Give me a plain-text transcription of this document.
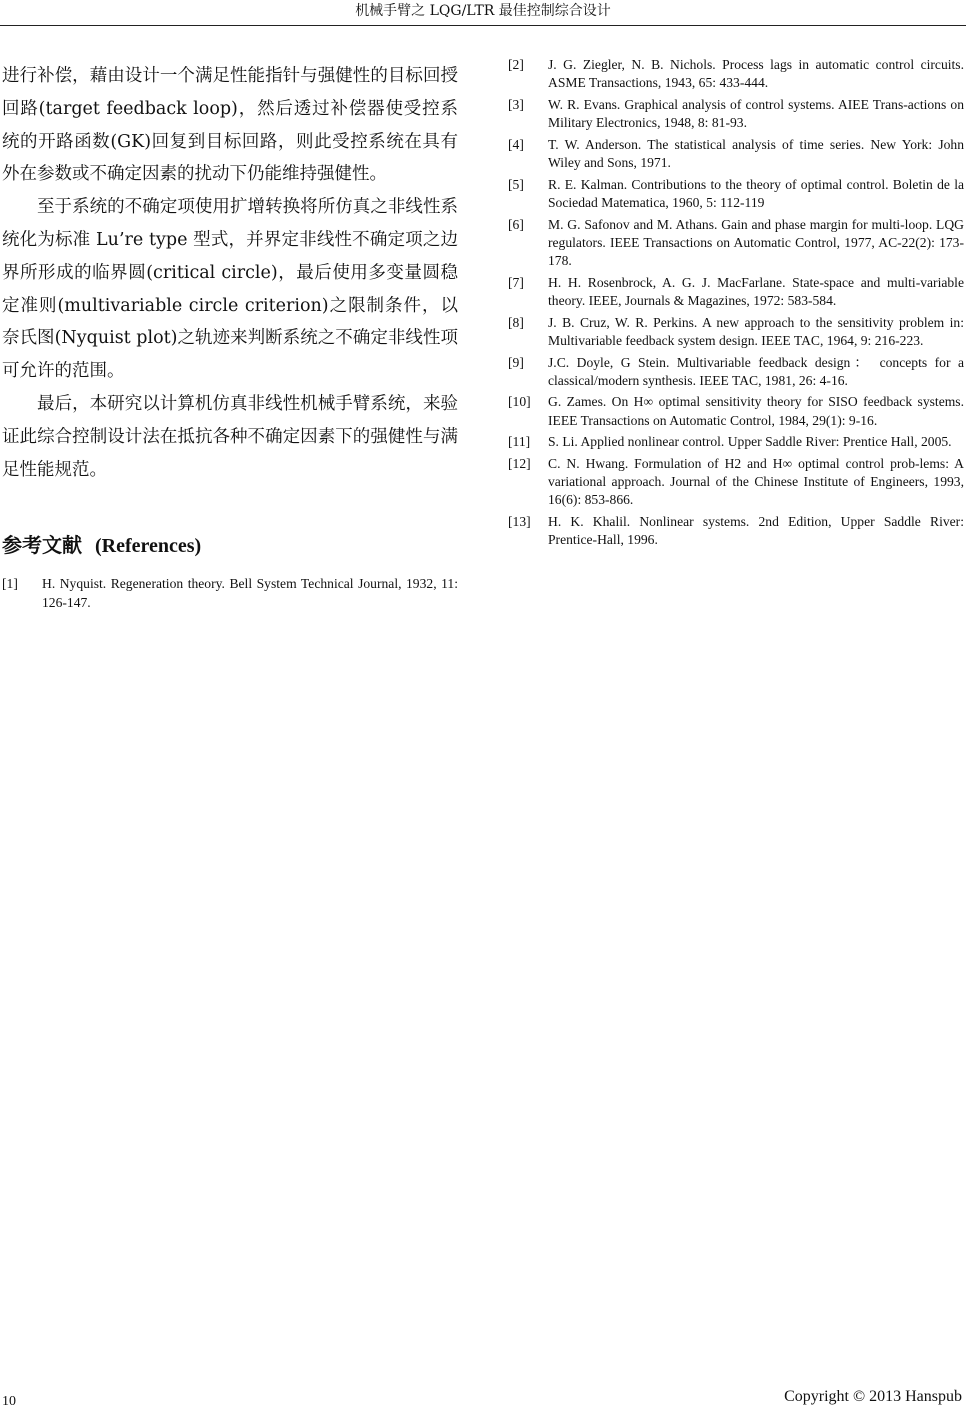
机械手臂之 LQG/LTR 最佳控制综合设计

进行补偿，藉由设计一个满足性能指针与强健性的目标回授回路(target feedback loop)，然后透过补偿器使受控系统的开路函数(GK)回复到目标回路，则此受控系统在具有外在参数或不确定因素的扰动下仍能维持强健性。

至于系统的不确定项使用扩增转换将所仿真之非线性系统化为标准 Lu’re type 型式，并界定非线性不确定项之边界所形成的临界圆(critical circle)，最后使用多变量圆稳定准则(multivariable circle criterion)之限制条件，以奈氏图(Nyquist plot)之轨迹来判断系统之不确定非线性项可允许的范围。

最后，本研究以计算机仿真非线性机械手臂系统，来验证此综合控制设计法在抵抗各种不确定因素下的强健性与满足性能规范。

参考文献 (References)
[1]	H. Nyquist. Regeneration theory. Bell System Technical Journal, 1932, 11: 126-147.
[2]	J. G. Ziegler, N. B. Nichols. Process lags in automatic control circuits. ASME Transactions, 1943, 65: 433-444.
[3]	W. R. Evans. Graphical analysis of control systems. AIEE Trans-actions on Military Electronics, 1948, 8: 81-93.
[4]	T. W. Anderson. The statistical analysis of time series. New York: John Wiley and Sons, 1971.
[5]	R. E. Kalman. Contributions to the theory of optimal control. Boletin de la Sociedad Matematica, 1960, 5: 112-119
[6]	M. G. Safonov and M. Athans. Gain and phase margin for multi-loop. LQG regulators. IEEE Transactions on Automatic Control, 1977, AC-22(2): 173-178.
[7]	H. H. Rosenbrock, A. G. J. MacFarlane. State-space and multi-variable theory. IEEE, Journals & Magazines, 1972: 583-584.
[8]	J. B. Cruz, W. R. Perkins. A new approach to the sensitivity problem in: Multivariable feedback system design. IEEE TAC, 1964, 9: 216-223.
[9]	J.C. Doyle, G Stein. Multivariable feedback design： concepts for a classical/modern synthesis. IEEE TAC, 1981, 26: 4-16.
[10]	G. Zames. On H∞ optimal sensitivity theory for SISO feedback systems. IEEE Transactions on Automatic Control, 1984, 29(1): 9-16.
[11]	S. Li. Applied nonlinear control. Upper Saddle River: Prentice Hall, 2005.
[12]	C. N. Hwang. Formulation of H2 and H∞ optimal control prob-lems: A variational approach. Journal of the Chinese Institute of Engineers, 1993, 16(6): 853-866.
[13]	H. K. Khalil. Nonlinear systems. 2nd Edition, Upper Saddle River: Prentice-Hall, 1996.
10	Copyright © 2013 Hanspub
